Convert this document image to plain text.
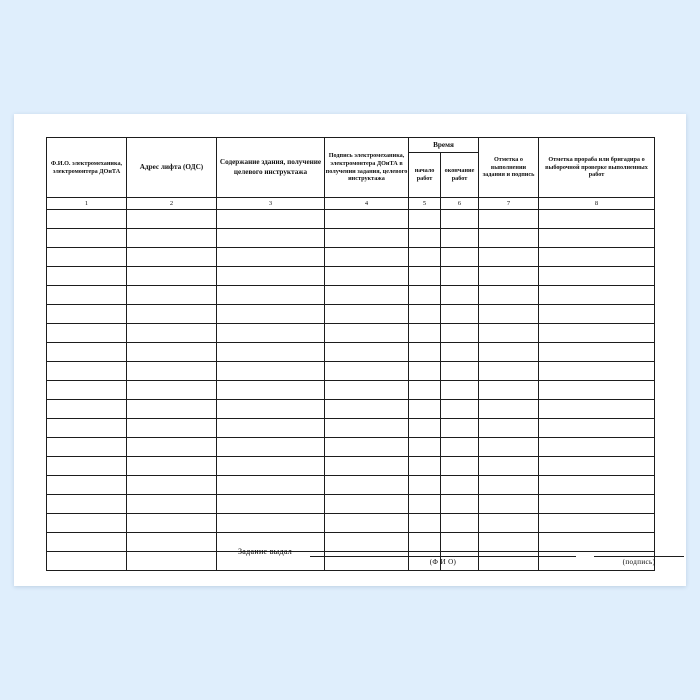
Ф.И.О. электромеханика, электромонтера ДОиТА	Адрес лифта (ОДС)	Содержание здания, получение целевого инструктажа	Подпись электромеханика, электромонтера ДОиТА в получении задания, целевого инструктажа	Время		Отметка о выполнении задания и подпись	Отметка прораба или бригадира о выборочной проверке выполненных работ
				начало работ	окончание работ		
1	2	3	4	5	6	7	8

Задание выдал
(Ф И О)	(подпись)
